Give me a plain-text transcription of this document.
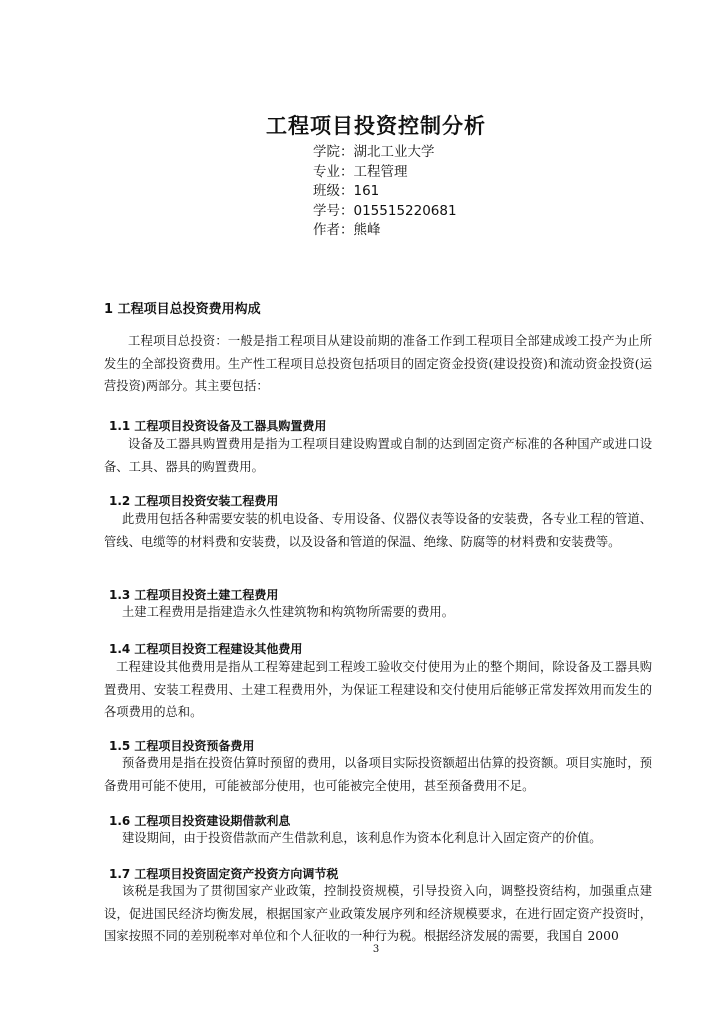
工程项目投资控制分析
学院：湖北工业大学
专业：工程管理
班级：161
学号：015515220681
作者：熊峰
1 工程项目总投资费用构成
工程项目总投资：一般是指工程项目从建设前期的准备工作到工程项目全部建成竣工投产为止所发生的全部投资费用。生产性工程项目总投资包括项目的固定资金投资(建设投资)和流动资金投资(运营投资)两部分。其主要包括：
1.1 工程项目投资设备及工器具购置费用
设备及工器具购置费用是指为工程项目建设购置或自制的达到固定资产标准的各种国产或进口设备、工具、器具的购置费用。
1.2 工程项目投资安装工程费用
此费用包括各种需要安装的机电设备、专用设备、仪器仪表等设备的安装费，各专业工程的管道、管线、电缆等的材料费和安装费，以及设备和管道的保温、绝缘、防腐等的材料费和安装费等。
1.3 工程项目投资土建工程费用
土建工程费用是指建造永久性建筑物和构筑物所需要的费用。
1.4 工程项目投资工程建设其他费用
工程建设其他费用是指从工程筹建起到工程竣工验收交付使用为止的整个期间，除设备及工器具购置费用、安装工程费用、土建工程费用外，为保证工程建设和交付使用后能够正常发挥效用而发生的各项费用的总和。
1.5 工程项目投资预备费用
预备费用是指在投资估算时预留的费用，以备项目实际投资额超出估算的投资额。项目实施时，预备费用可能不使用，可能被部分使用，也可能被完全使用，甚至预备费用不足。
1.6 工程项目投资建设期借款利息
建设期间，由于投资借款而产生借款利息，该利息作为资本化利息计入固定资产的价值。
1.7 工程项目投资固定资产投资方向调节税
该税是我国为了贯彻国家产业政策，控制投资规模，引导投资入向，调整投资结构，加强重点建设，促进国民经济均衡发展，根据国家产业政策发展序列和经济规模要求，在进行固定资产投资时，国家按照不同的差别税率对单位和个人征收的一种行为税。根据经济发展的需要，我国自 2000
3
